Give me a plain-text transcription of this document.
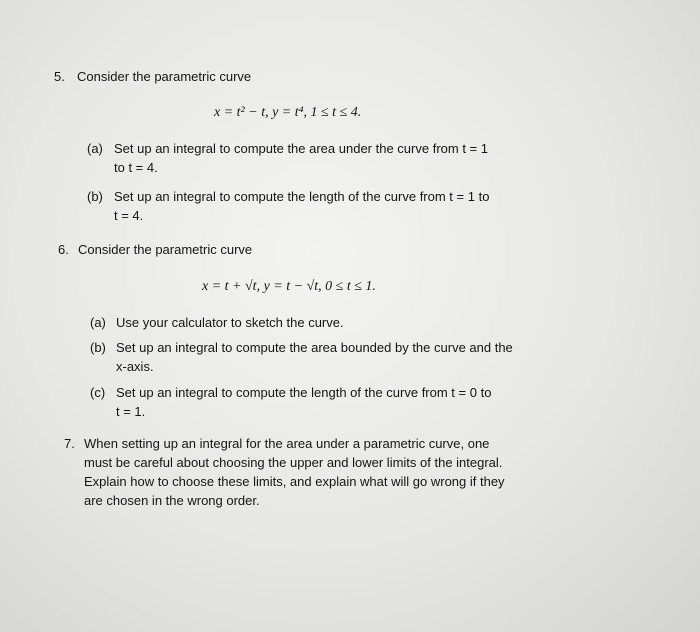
5. Consider the parametric curve
x = t² − t, y = t⁴, 1 ≤ t ≤ 4.
(a) Set up an integral to compute the area under the curve from t = 1
to t = 4.
(b) Set up an integral to compute the length of the curve from t = 1 to
t = 4.
6. Consider the parametric curve
x = t + √t, y = t − √t, 0 ≤ t ≤ 1.
(a) Use your calculator to sketch the curve.
(b) Set up an integral to compute the area bounded by the curve and the
x-axis.
(c) Set up an integral to compute the length of the curve from t = 0 to
t = 1.
7. When setting up an integral for the area under a parametric curve, one
must be careful about choosing the upper and lower limits of the integral.
Explain how to choose these limits, and explain what will go wrong if they
are chosen in the wrong order.
